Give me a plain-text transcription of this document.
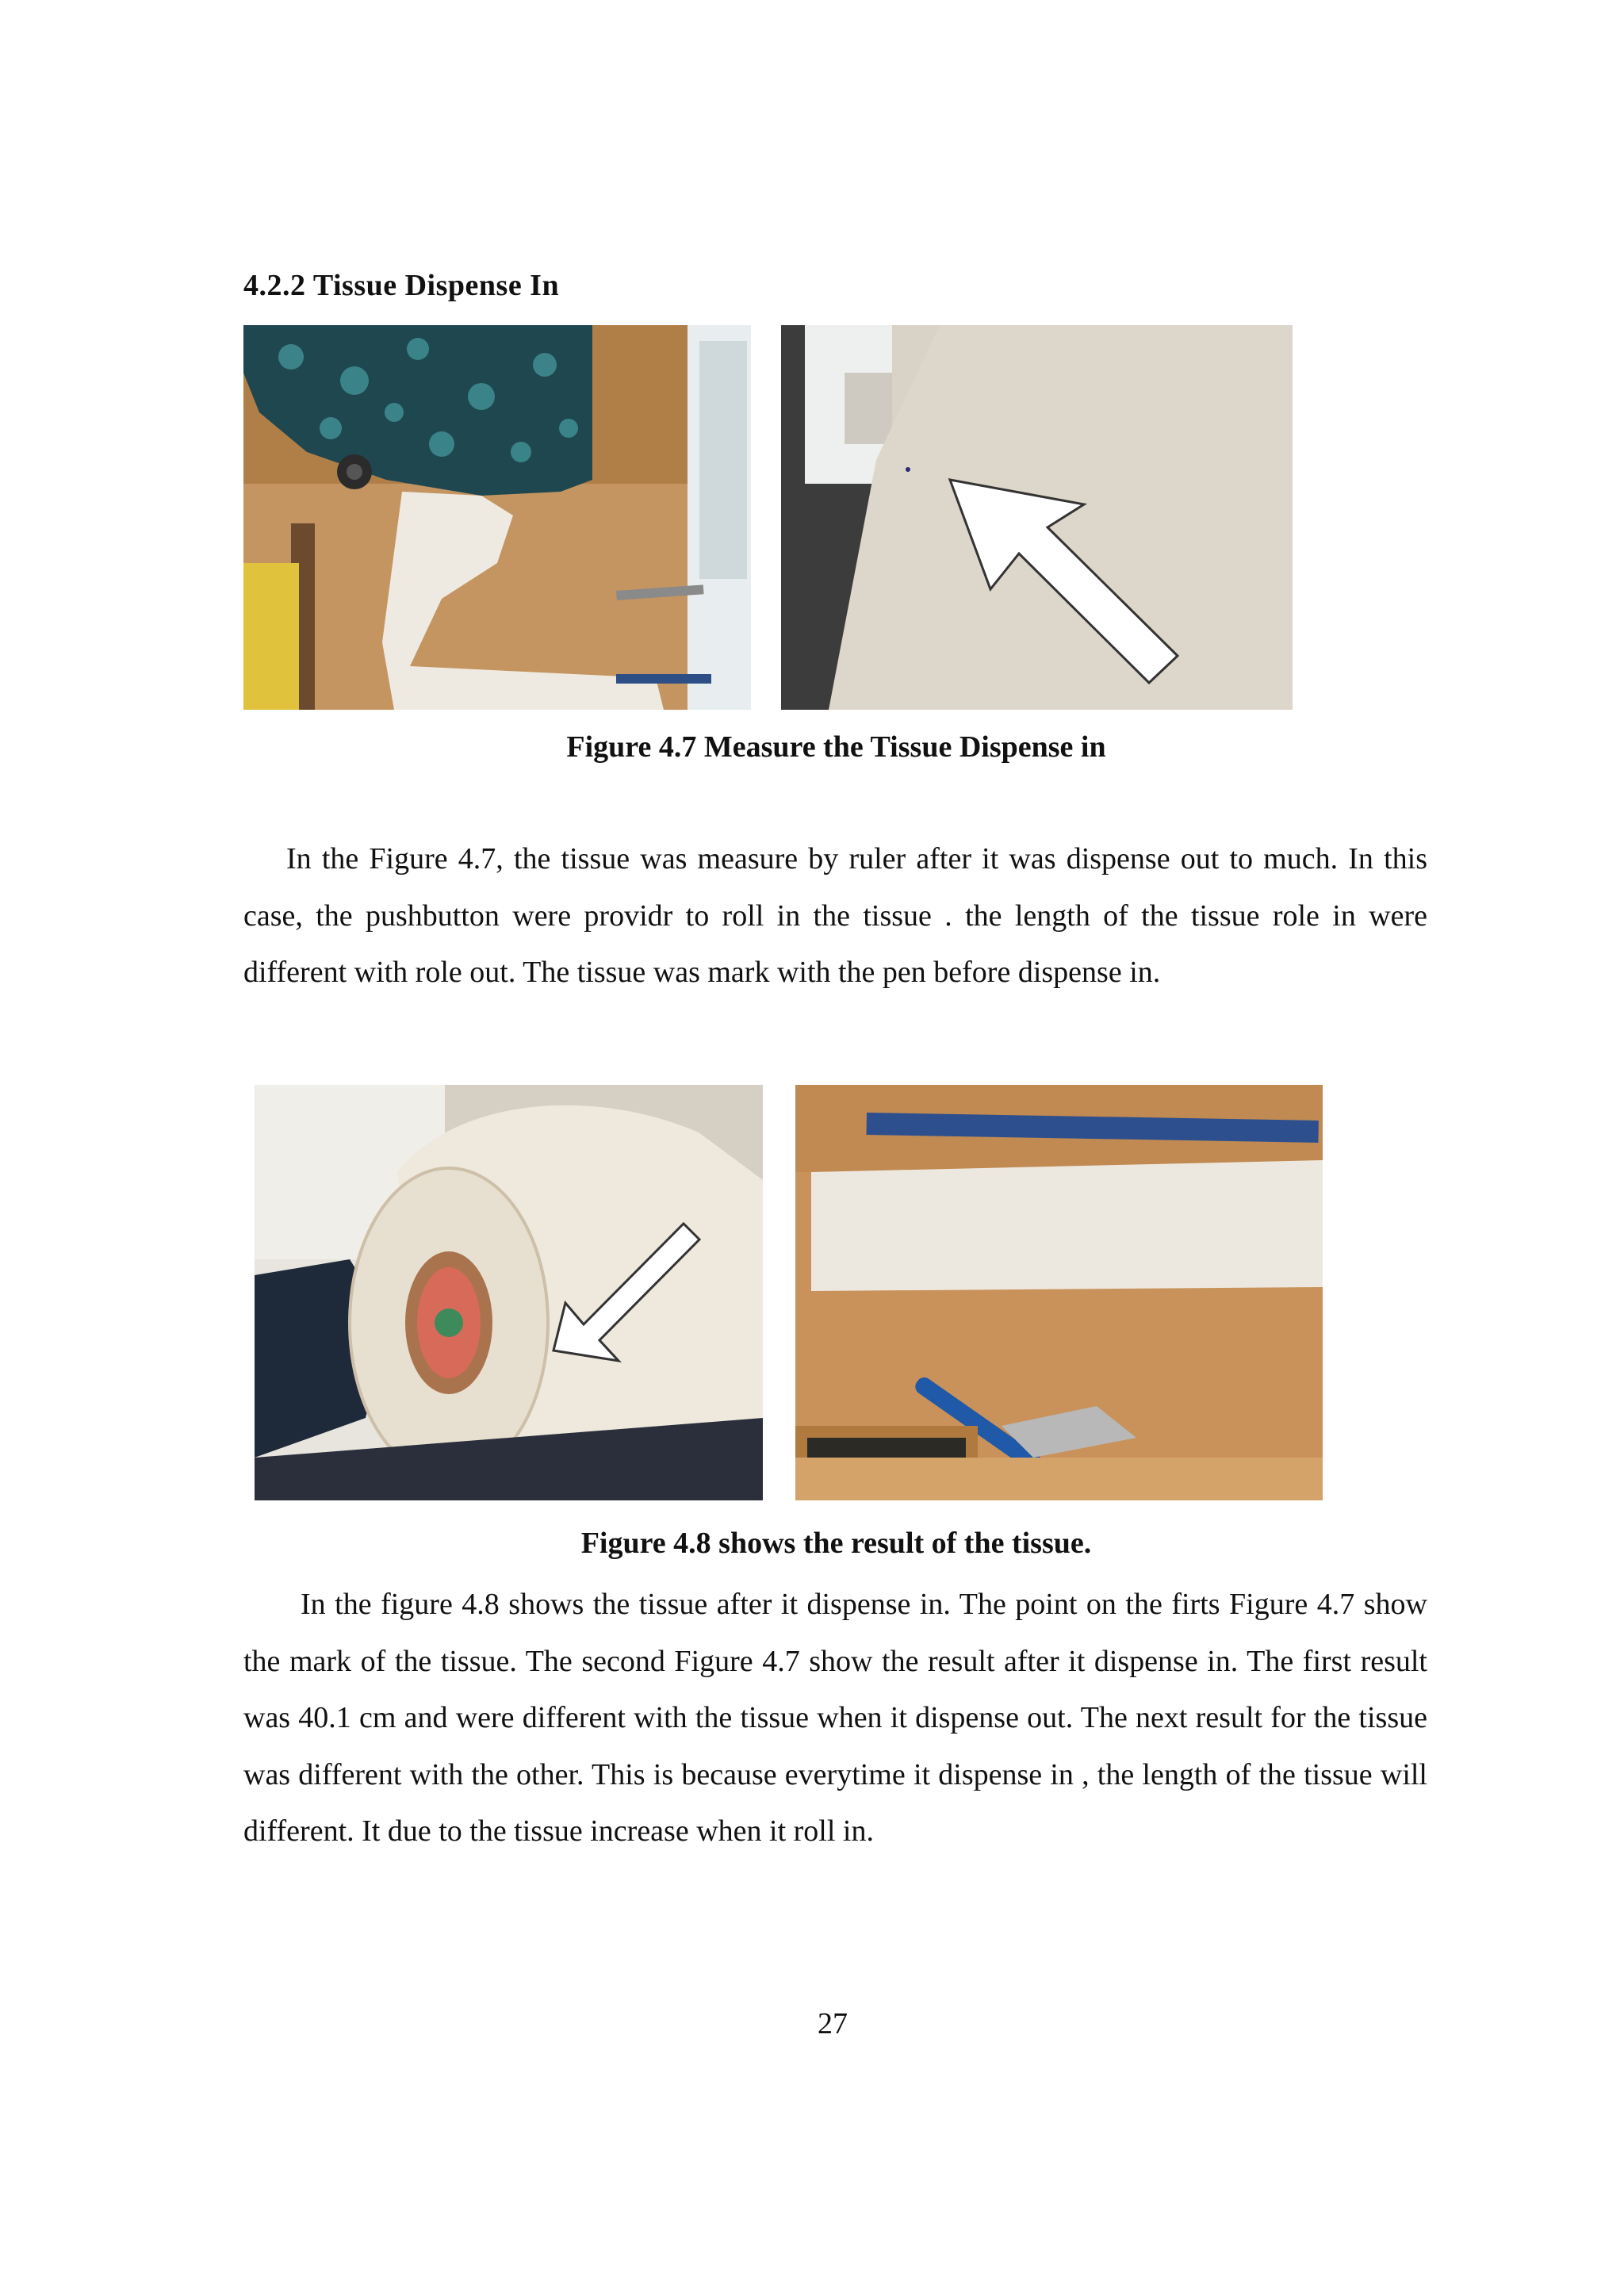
4.2.2 Tissue Dispense In
Figure 4.7 Measure the Tissue Dispense in

In the Figure 4.7, the tissue was measure by ruler after it was dispense out to much. In this case, the pushbutton were providr to roll in the tissue . the length of the tissue role in were different with role out. The tissue was mark with the pen before dispense in.

Figure 4.8 shows the result of the tissue.

In the figure 4.8 shows the tissue after it dispense in. The point on the firts Figure 4.7 show the mark of the tissue. The second Figure 4.7 show the result after it dispense in. The first result was 40.1 cm and were different with the tissue when it dispense out. The next result for the tissue was different with the other. This is because everytime it dispense in , the length of the tissue will different. It due to the tissue increase when it roll in.

27
